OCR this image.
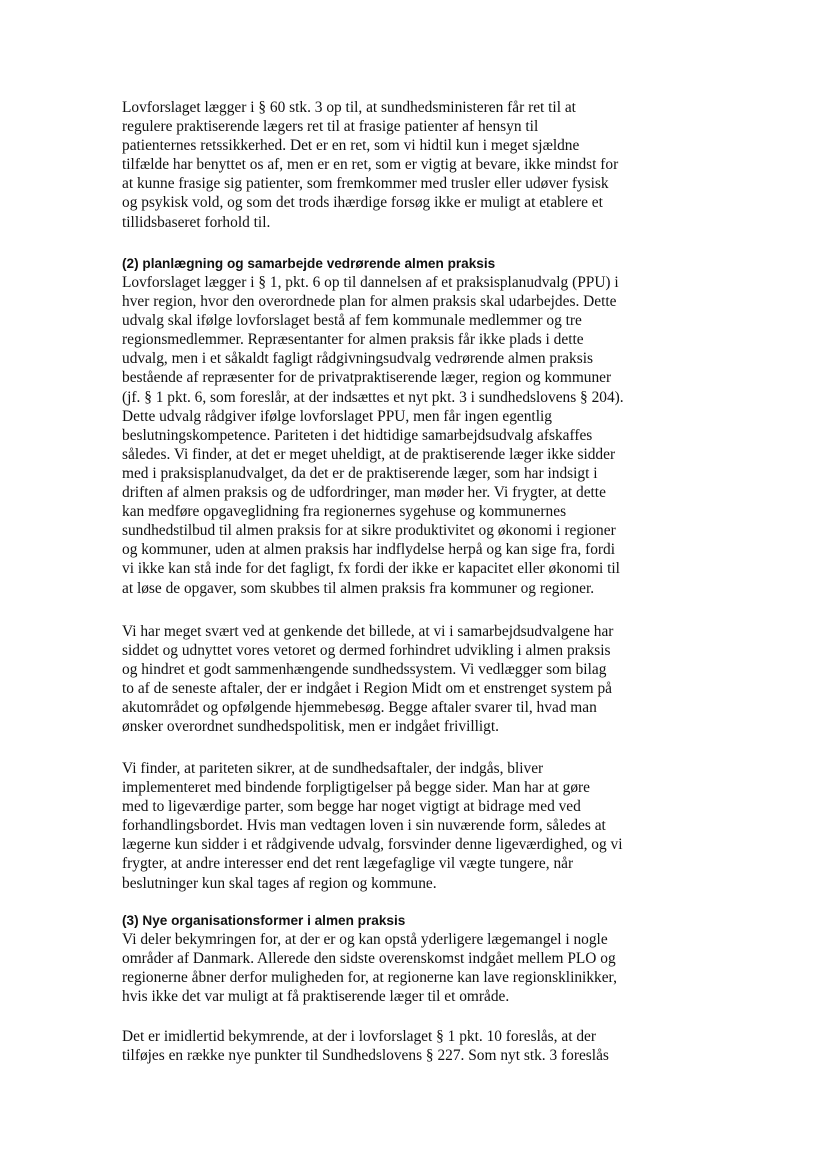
Lovforslaget lægger i § 60 stk. 3 op til, at sundhedsministeren får ret til at
regulere praktiserende lægers ret til at frasige patienter af hensyn til
patienternes retssikkerhed. Det er en ret, som vi hidtil kun i meget sjældne
tilfælde har benyttet os af, men er en ret, som er vigtig at bevare, ikke mindst for
at kunne frasige sig patienter, som fremkommer med trusler eller udøver fysisk
og psykisk vold, og som det trods ihærdige forsøg ikke er muligt at etablere et
tillidsbaseret forhold til.

(2) planlægning og samarbejde vedrørende almen praksis

Lovforslaget lægger i § 1, pkt. 6 op til dannelsen af et praksisplanudvalg (PPU) i
hver region, hvor den overordnede plan for almen praksis skal udarbejdes. Dette
udvalg skal ifølge lovforslaget bestå af fem kommunale medlemmer og tre
regionsmedlemmer. Repræsentanter for almen praksis får ikke plads i dette
udvalg, men i et såkaldt fagligt rådgivningsudvalg vedrørende almen praksis
bestående af repræsenter for de privatpraktiserende læger, region og kommuner
(jf. § 1 pkt. 6, som foreslår, at der indsættes et nyt pkt. 3 i sundhedslovens § 204).
Dette udvalg rådgiver ifølge lovforslaget PPU, men får ingen egentlig
beslutningskompetence. Pariteten i det hidtidige samarbejdsudvalg afskaffes
således. Vi finder, at det er meget uheldigt, at de praktiserende læger ikke sidder
med i praksisplanudvalget, da det er de praktiserende læger, som har indsigt i
driften af almen praksis og de udfordringer, man møder her. Vi frygter, at dette
kan medføre opgaveglidning fra regionernes sygehuse og kommunernes
sundhedstilbud til almen praksis for at sikre produktivitet og økonomi i regioner
og kommuner, uden at almen praksis har indflydelse herpå og kan sige fra, fordi
vi ikke kan stå inde for det fagligt, fx fordi der ikke er kapacitet eller økonomi til
at løse de opgaver, som skubbes til almen praksis fra kommuner og regioner.

Vi har meget svært ved at genkende det billede, at vi i samarbejdsudvalgene har
siddet og udnyttet vores vetoret og dermed forhindret udvikling i almen praksis
og hindret et godt sammenhængende sundhedssystem. Vi vedlægger som bilag
to af de seneste aftaler, der er indgået i Region Midt om et enstrenget system på
akutområdet og opfølgende hjemmebesøg. Begge aftaler svarer til, hvad man
ønsker overordnet sundhedspolitisk, men er indgået frivilligt.

Vi finder, at pariteten sikrer, at de sundhedsaftaler, der indgås, bliver
implementeret med bindende forpligtigelser på begge sider. Man har at gøre
med to ligeværdige parter, som begge har noget vigtigt at bidrage med ved
forhandlingsbordet. Hvis man vedtagen loven i sin nuværende form, således at
lægerne kun sidder i et rådgivende udvalg, forsvinder denne ligeværdighed, og vi
frygter, at andre interesser end det rent lægefaglige vil vægte tungere, når
beslutninger kun skal tages af region og kommune.

(3) Nye organisationsformer i almen praksis

Vi deler bekymringen for, at der er og kan opstå yderligere lægemangel i nogle
områder af Danmark. Allerede den sidste overenskomst indgået mellem PLO og
regionerne åbner derfor muligheden for, at regionerne kan lave regionsklinikker,
hvis ikke det var muligt at få praktiserende læger til et område.

Det er imidlertid bekymrende, at der i lovforslaget § 1 pkt. 10 foreslås, at der
tilføjes en række nye punkter til Sundhedslovens § 227. Som nyt stk. 3 foreslås
